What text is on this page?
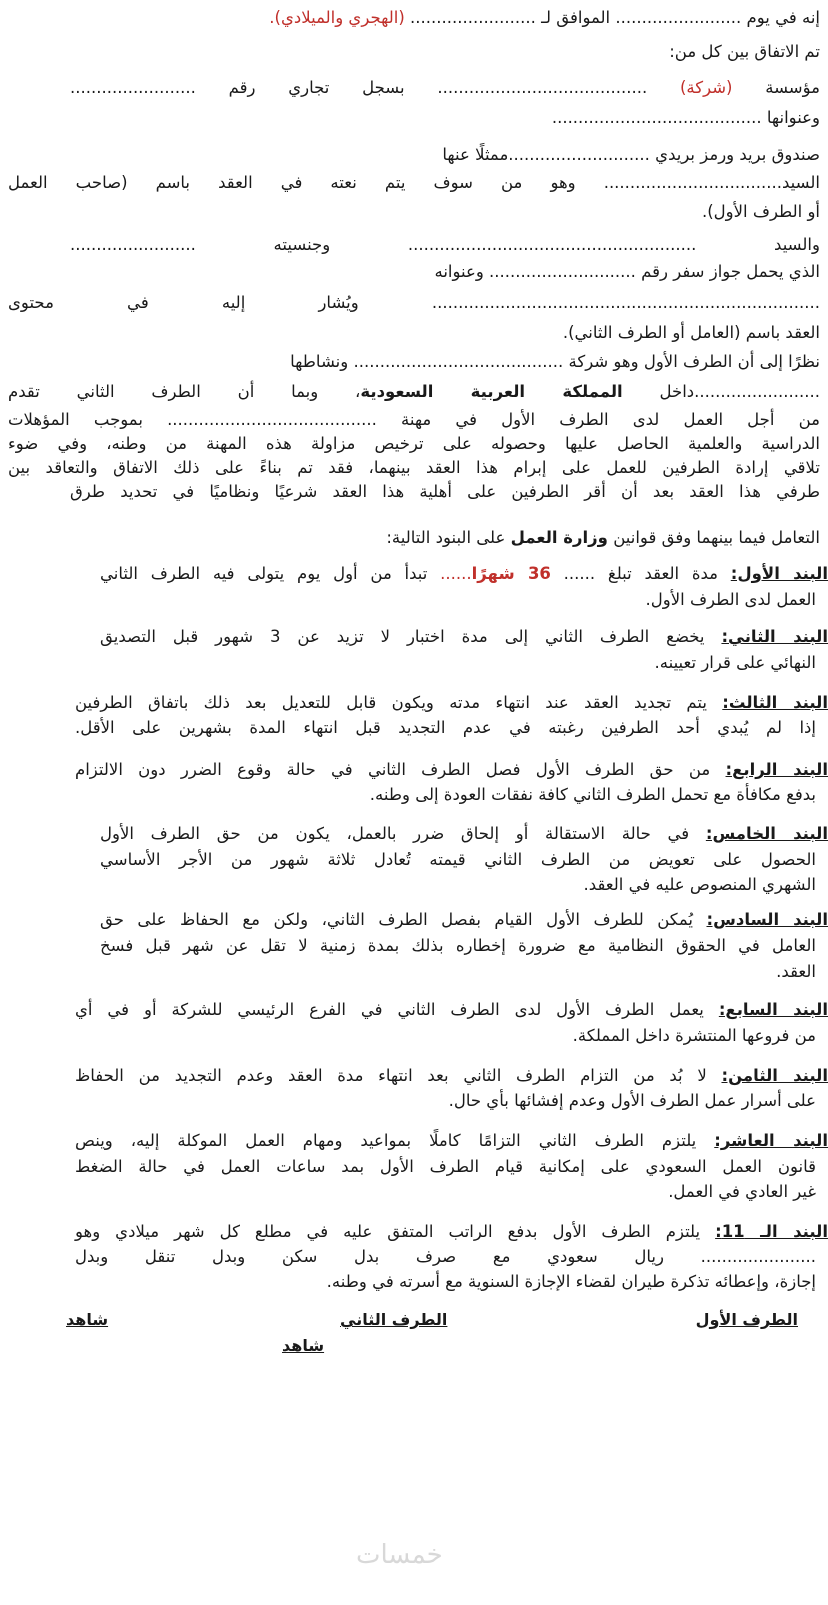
إنه في يوم ........................ الموافق لـ ........................ (الهجري والميلادي).
تم الاتفاق بين كل من:
مؤسسة (شركة) ........................................ بسجل تجاري رقم ........................
وعنوانها ........................................
صندوق بريد ورمز بريدي ...........................ممثلًا عنها
السيد.................................. وهو من سوف يتم نعته في العقد باسم (صاحب العمل
أو الطرف الأول).
والسيد ....................................................... وجنسيته ........................
الذي يحمل جواز سفر رقم ............................ وعنوانه
.......................................................................... ويُشار إليه في محتوى
العقد باسم (العامل أو الطرف الثاني).
نظرًا إلى أن الطرف الأول وهو شركة ........................................ ونشاطها
........................داخل المملكة العربية السعودية، وبما أن الطرف الثاني تقدم
من أجل العمل لدى الطرف الأول في مهنة ........................................ بموجب المؤهلات
الدراسية والعلمية الحاصل عليها وحصوله على ترخيص مزاولة هذه المهنة من وطنه، وفي ضوء
تلاقي إرادة الطرفين للعمل على إبرام هذا العقد بينهما، فقد تم بناءً على ذلك الاتفاق والتعاقد بين
طرفي هذا العقد بعد أن أقر الطرفين على أهلية هذا العقد شرعيًا ونظاميًا في تحديد طرق
التعامل فيما بينهما وفق قوانين وزارة العمل على البنود التالية:
البند الأول: مدة العقد تبلغ ...... 36 شهرًا...... تبدأ من أول يوم يتولى فيه الطرف الثاني
العمل لدى الطرف الأول.
البند الثاني: يخضع الطرف الثاني إلى مدة اختبار لا تزيد عن 3 شهور قبل التصديق
النهائي على قرار تعيينه.
البند الثالث: يتم تجديد العقد عند انتهاء مدته ويكون قابل للتعديل بعد ذلك باتفاق الطرفين
إذا لم يُبدي أحد الطرفين رغبته في عدم التجديد قبل انتهاء المدة بشهرين على الأقل.
البند الرابع: من حق الطرف الأول فصل الطرف الثاني في حالة وقوع الضرر دون الالتزام
بدفع مكافأة مع تحمل الطرف الثاني كافة نفقات العودة إلى وطنه.
البند الخامس: في حالة الاستقالة أو إلحاق ضرر بالعمل، يكون من حق الطرف الأول
الحصول على تعويض من الطرف الثاني قيمته تُعادل ثلاثة شهور من الأجر الأساسي
الشهري المنصوص عليه في العقد.
البند السادس: يُمكن للطرف الأول القيام بفصل الطرف الثاني، ولكن مع الحفاظ على حق
العامل في الحقوق النظامية مع ضرورة إخطاره بذلك بمدة زمنية لا تقل عن شهر قبل فسخ
العقد.
البند السابع: يعمل الطرف الأول لدى الطرف الثاني في الفرع الرئيسي للشركة أو في أي
من فروعها المنتشرة داخل المملكة.
البند الثامن: لا بُد من التزام الطرف الثاني بعد انتهاء مدة العقد وعدم التجديد من الحفاظ
على أسرار عمل الطرف الأول وعدم إفشائها بأي حال.
البند العاشر: يلتزم الطرف الثاني التزامًا كاملًا بمواعيد ومهام العمل الموكلة إليه، وينص
قانون العمل السعودي على إمكانية قيام الطرف الأول بمد ساعات العمل في حالة الضغط
غير العادي في العمل.
البند الـ 11: يلتزم الطرف الأول بدفع الراتب المتفق عليه في مطلع كل شهر ميلادي وهو
...................... ريال سعودي مع صرف بدل سكن وبدل تنقل وبدل
إجازة، وإعطائه تذكرة طيران لقضاء الإجازة السنوية مع أسرته في وطنه.
الطرف الأول
الطرف الثاني
شاهد
شاهد
خمسات
